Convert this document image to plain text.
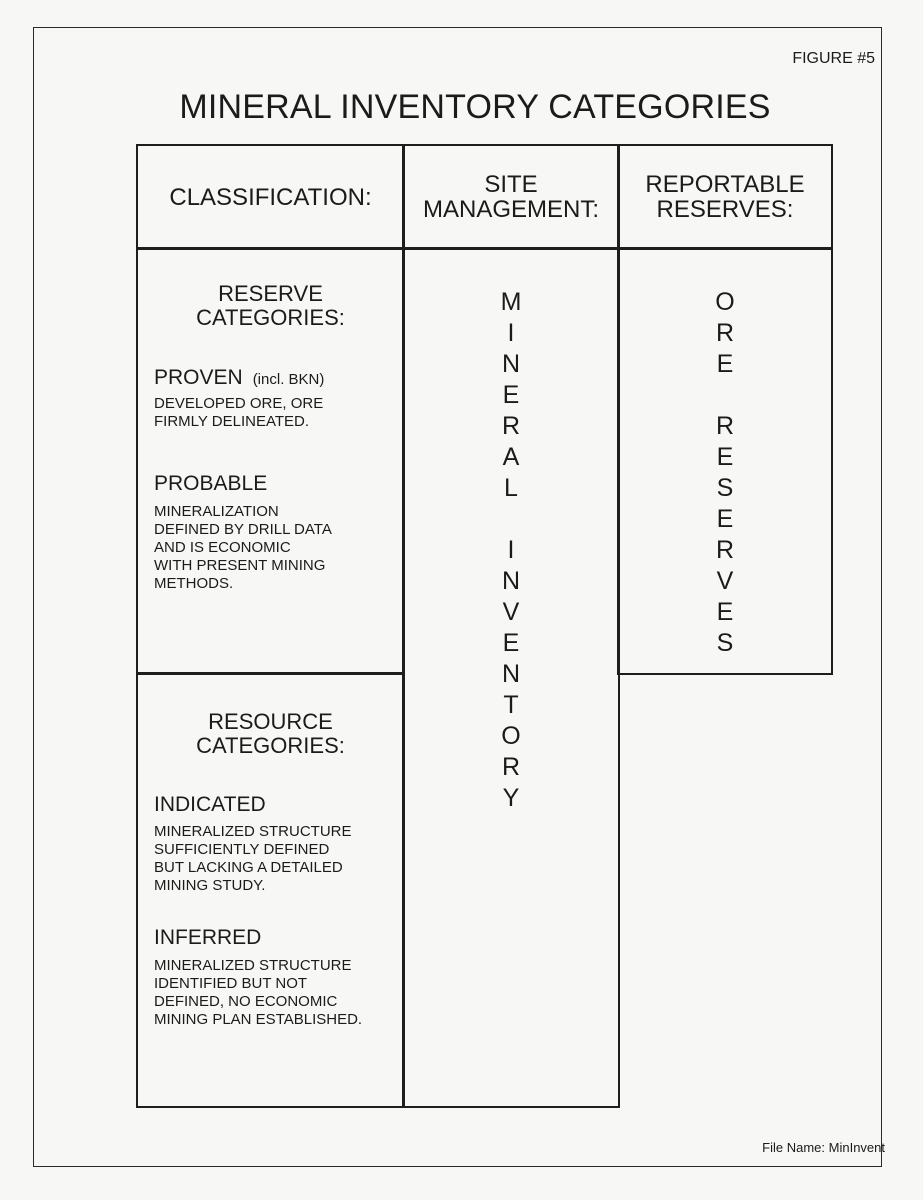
FIGURE #5
MINERAL INVENTORY CATEGORIES
CLASSIFICATION:	SITE
MANAGEMENT:
REPORTABLE
RESERVES:
RESERVE
CATEGORIES:
PROVEN (incl. BKN)
DEVELOPED ORE, ORE
FIRMLY DELINEATED.
PROBABLE
MINERALIZATION
DEFINED BY DRILL DATA
AND IS ECONOMIC
WITH PRESENT MINING
METHODS.
RESOURCE
CATEGORIES:
INDICATED
MINERALIZED STRUCTURE
SUFFICIENTLY DEFINED
BUT LACKING A DETAILED
MINING STUDY.
INFERRED
MINERALIZED STRUCTURE
IDENTIFIED BUT NOT
DEFINED, NO ECONOMIC
MINING PLAN ESTABLISHED.
M
I
N
E
R
A
L

I
N
V
E
N
T
O
R
Y
O
R
E

R
E
S
E
R
V
E
S
File Name: MinInvent
